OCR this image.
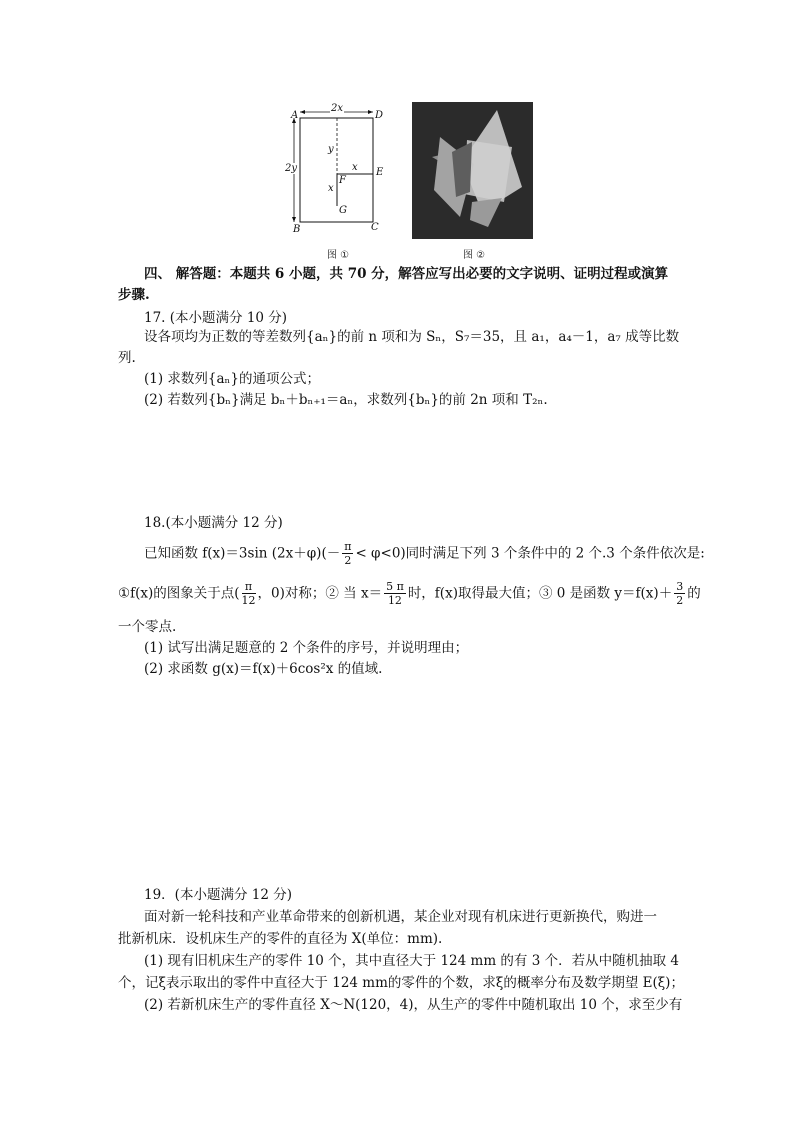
A	D
2x
2y
y
x E
F
x
G
B	C
图 ①	图 ②
四、 解答题：本题共 6 小题，共 70 分，解答应写出必要的文字说明、证明过程或演算
步骤.
17. (本小题满分 10 分)
设各项均为正数的等差数列{aₙ}的前 n 项和为 Sₙ，S₇＝35，且 a₁，a₄－1，a₇ 成等比数
列.
(1) 求数列{aₙ}的通项公式；
(2) 若数列{bₙ}满足 bₙ＋bₙ₊₁＝aₙ，求数列{bₙ}的前 2n 项和 T₂ₙ.
18.(本小题满分 12 分)
已知函数 f(x)＝3sin $(2x+\varphi)(- \frac{\pi}{2} < \varphi<0)$同时满足下列 3 个条件中的 2 个.3 个条件依次是:
①f(x)的图象关于点( $\frac{\pi}{12}$ ，0)对称；② 当 $x= \frac{5 \pi}{12}$ 时，f(x)取得最大值；③ 0 是函数 $y=f(x)+ \frac{3}{2}$ 的
一个零点.
(1) 试写出满足题意的 2 个条件的序号，并说明理由；
(2) 求函数 g(x)＝f(x)＋6cos²x 的值域.
19．(本小题满分 12 分)
面对新一轮科技和产业革命带来的创新机遇，某企业对现有机床进行更新换代，购进一
批新机床．设机床生产的零件的直径为 X(单位：mm).
(1) 现有旧机床生产的零件 10 个，其中直径大于 124 mm 的有 3 个．若从中随机抽取 4
个，记ξ表示取出的零件中直径大于 124 mm的零件的个数，求ξ的概率分布及数学期望 E(ξ)；
(2) 若新机床生产的零件直径 X～N(120，4)，从生产的零件中随机取出 10 个，求至少有
